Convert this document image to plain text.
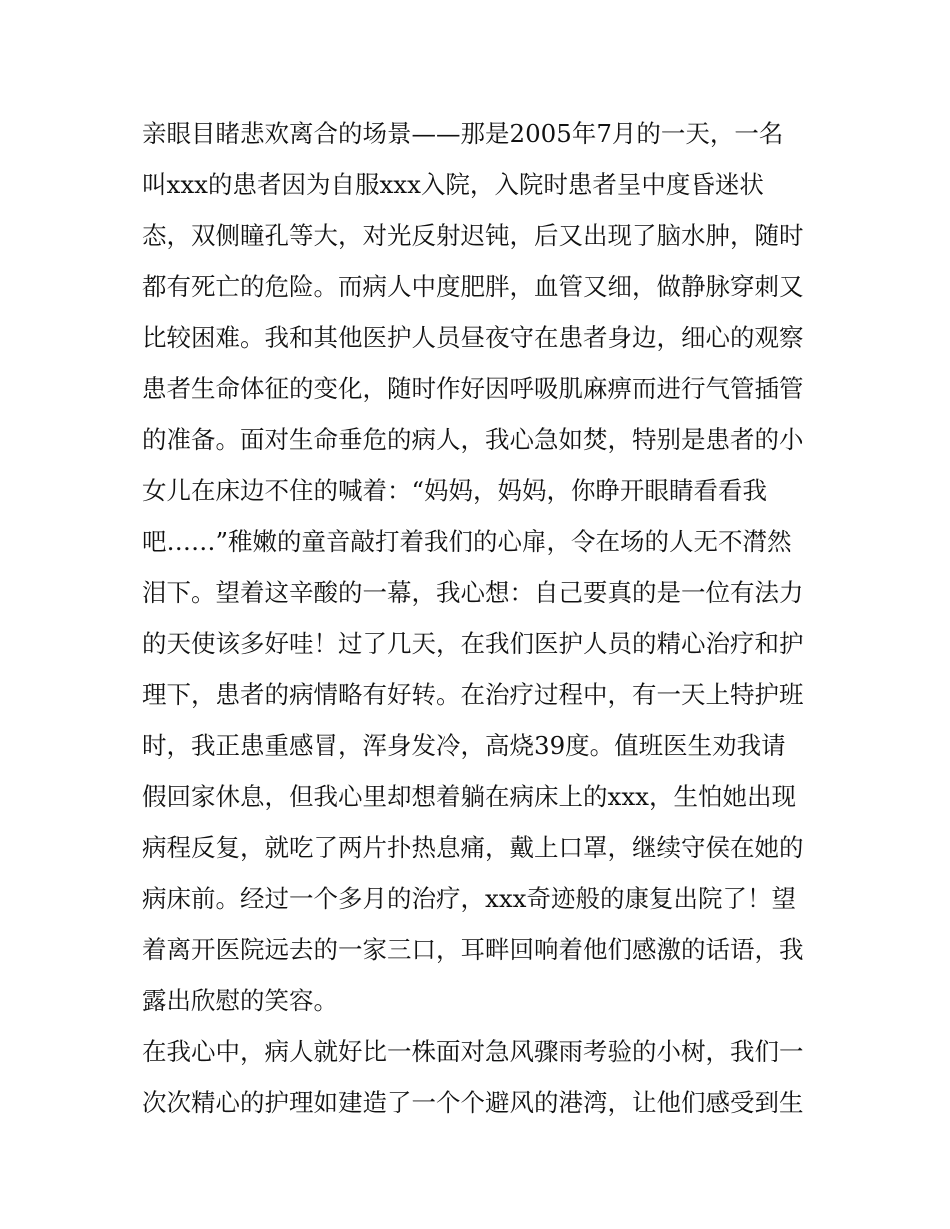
亲眼目睹悲欢离合的场景——那是2005年7月的一天，一名
叫xxx的患者因为自服xxx入院，入院时患者呈中度昏迷状
态，双侧瞳孔等大，对光反射迟钝，后又出现了脑水肿，随时
都有死亡的危险。而病人中度肥胖，血管又细，做静脉穿刺又
比较困难。我和其他医护人员昼夜守在患者身边，细心的观察
患者生命体征的变化，随时作好因呼吸肌麻痹而进行气管插管
的准备。面对生命垂危的病人，我心急如焚，特别是患者的小
女儿在床边不住的喊着：“妈妈，妈妈，你睁开眼睛看看我
吧……”稚嫩的童音敲打着我们的心扉，令在场的人无不潸然
泪下。望着这辛酸的一幕，我心想：自己要真的是一位有法力
的天使该多好哇！过了几天，在我们医护人员的精心治疗和护
理下，患者的病情略有好转。在治疗过程中，有一天上特护班
时，我正患重感冒，浑身发冷，高烧39度。值班医生劝我请
假回家休息，但我心里却想着躺在病床上的xxx，生怕她出现
病程反复，就吃了两片扑热息痛，戴上口罩，继续守侯在她的
病床前。经过一个多月的治疗，xxx奇迹般的康复出院了！望
着离开医院远去的一家三口，耳畔回响着他们感激的话语，我
露出欣慰的笑容。
在我心中，病人就好比一株面对急风骤雨考验的小树，我们一
次次精心的护理如建造了一个个避风的港湾，让他们感受到生
